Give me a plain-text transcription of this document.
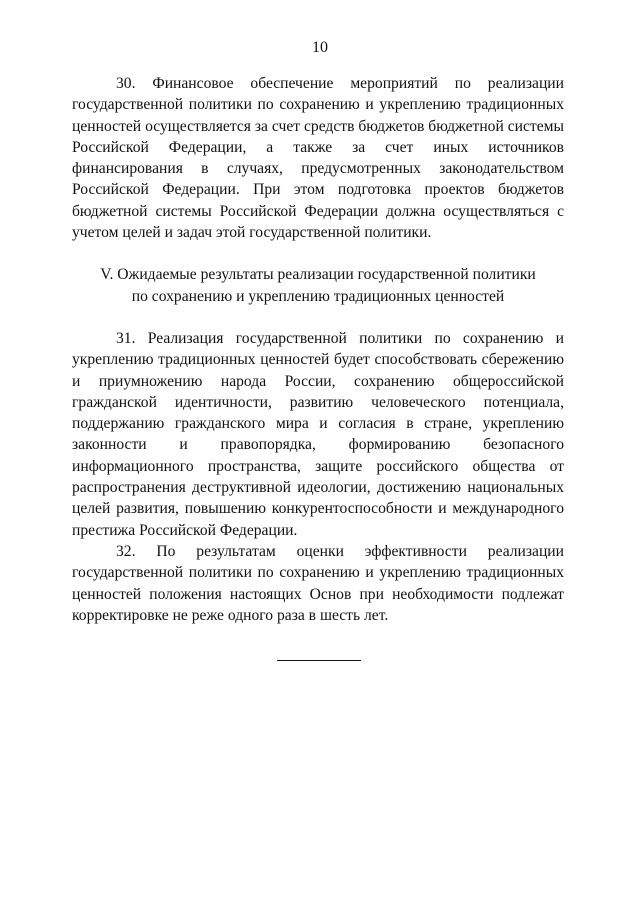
10

30. Финансовое обеспечение мероприятий по реализации государственной политики по сохранению и укреплению традиционных ценностей осуществляется за счет средств бюджетов бюджетной системы Российской Федерации, а также за счет иных источников финансирования в случаях, предусмотренных законодательством Российской Федерации. При этом подготовка проектов бюджетов бюджетной системы Российской Федерации должна осуществляться с учетом целей и задач этой государственной политики.

V. Ожидаемые результаты реализации государственной политики
по сохранению и укреплению традиционных ценностей

31. Реализация государственной политики по сохранению и укреплению традиционных ценностей будет способствовать сбережению и приумножению народа России, сохранению общероссийской гражданской идентичности, развитию человеческого потенциала, поддержанию гражданского мира и согласия в стране, укреплению законности и правопорядка, формированию безопасного информационного пространства, защите российского общества от распространения деструктивной идеологии, достижению национальных целей развития, повышению конкурентоспособности и международного престижа Российской Федерации.

32. По результатам оценки эффективности реализации государственной политики по сохранению и укреплению традиционных ценностей положения настоящих Основ при необходимости подлежат корректировке не реже одного раза в шесть лет.
